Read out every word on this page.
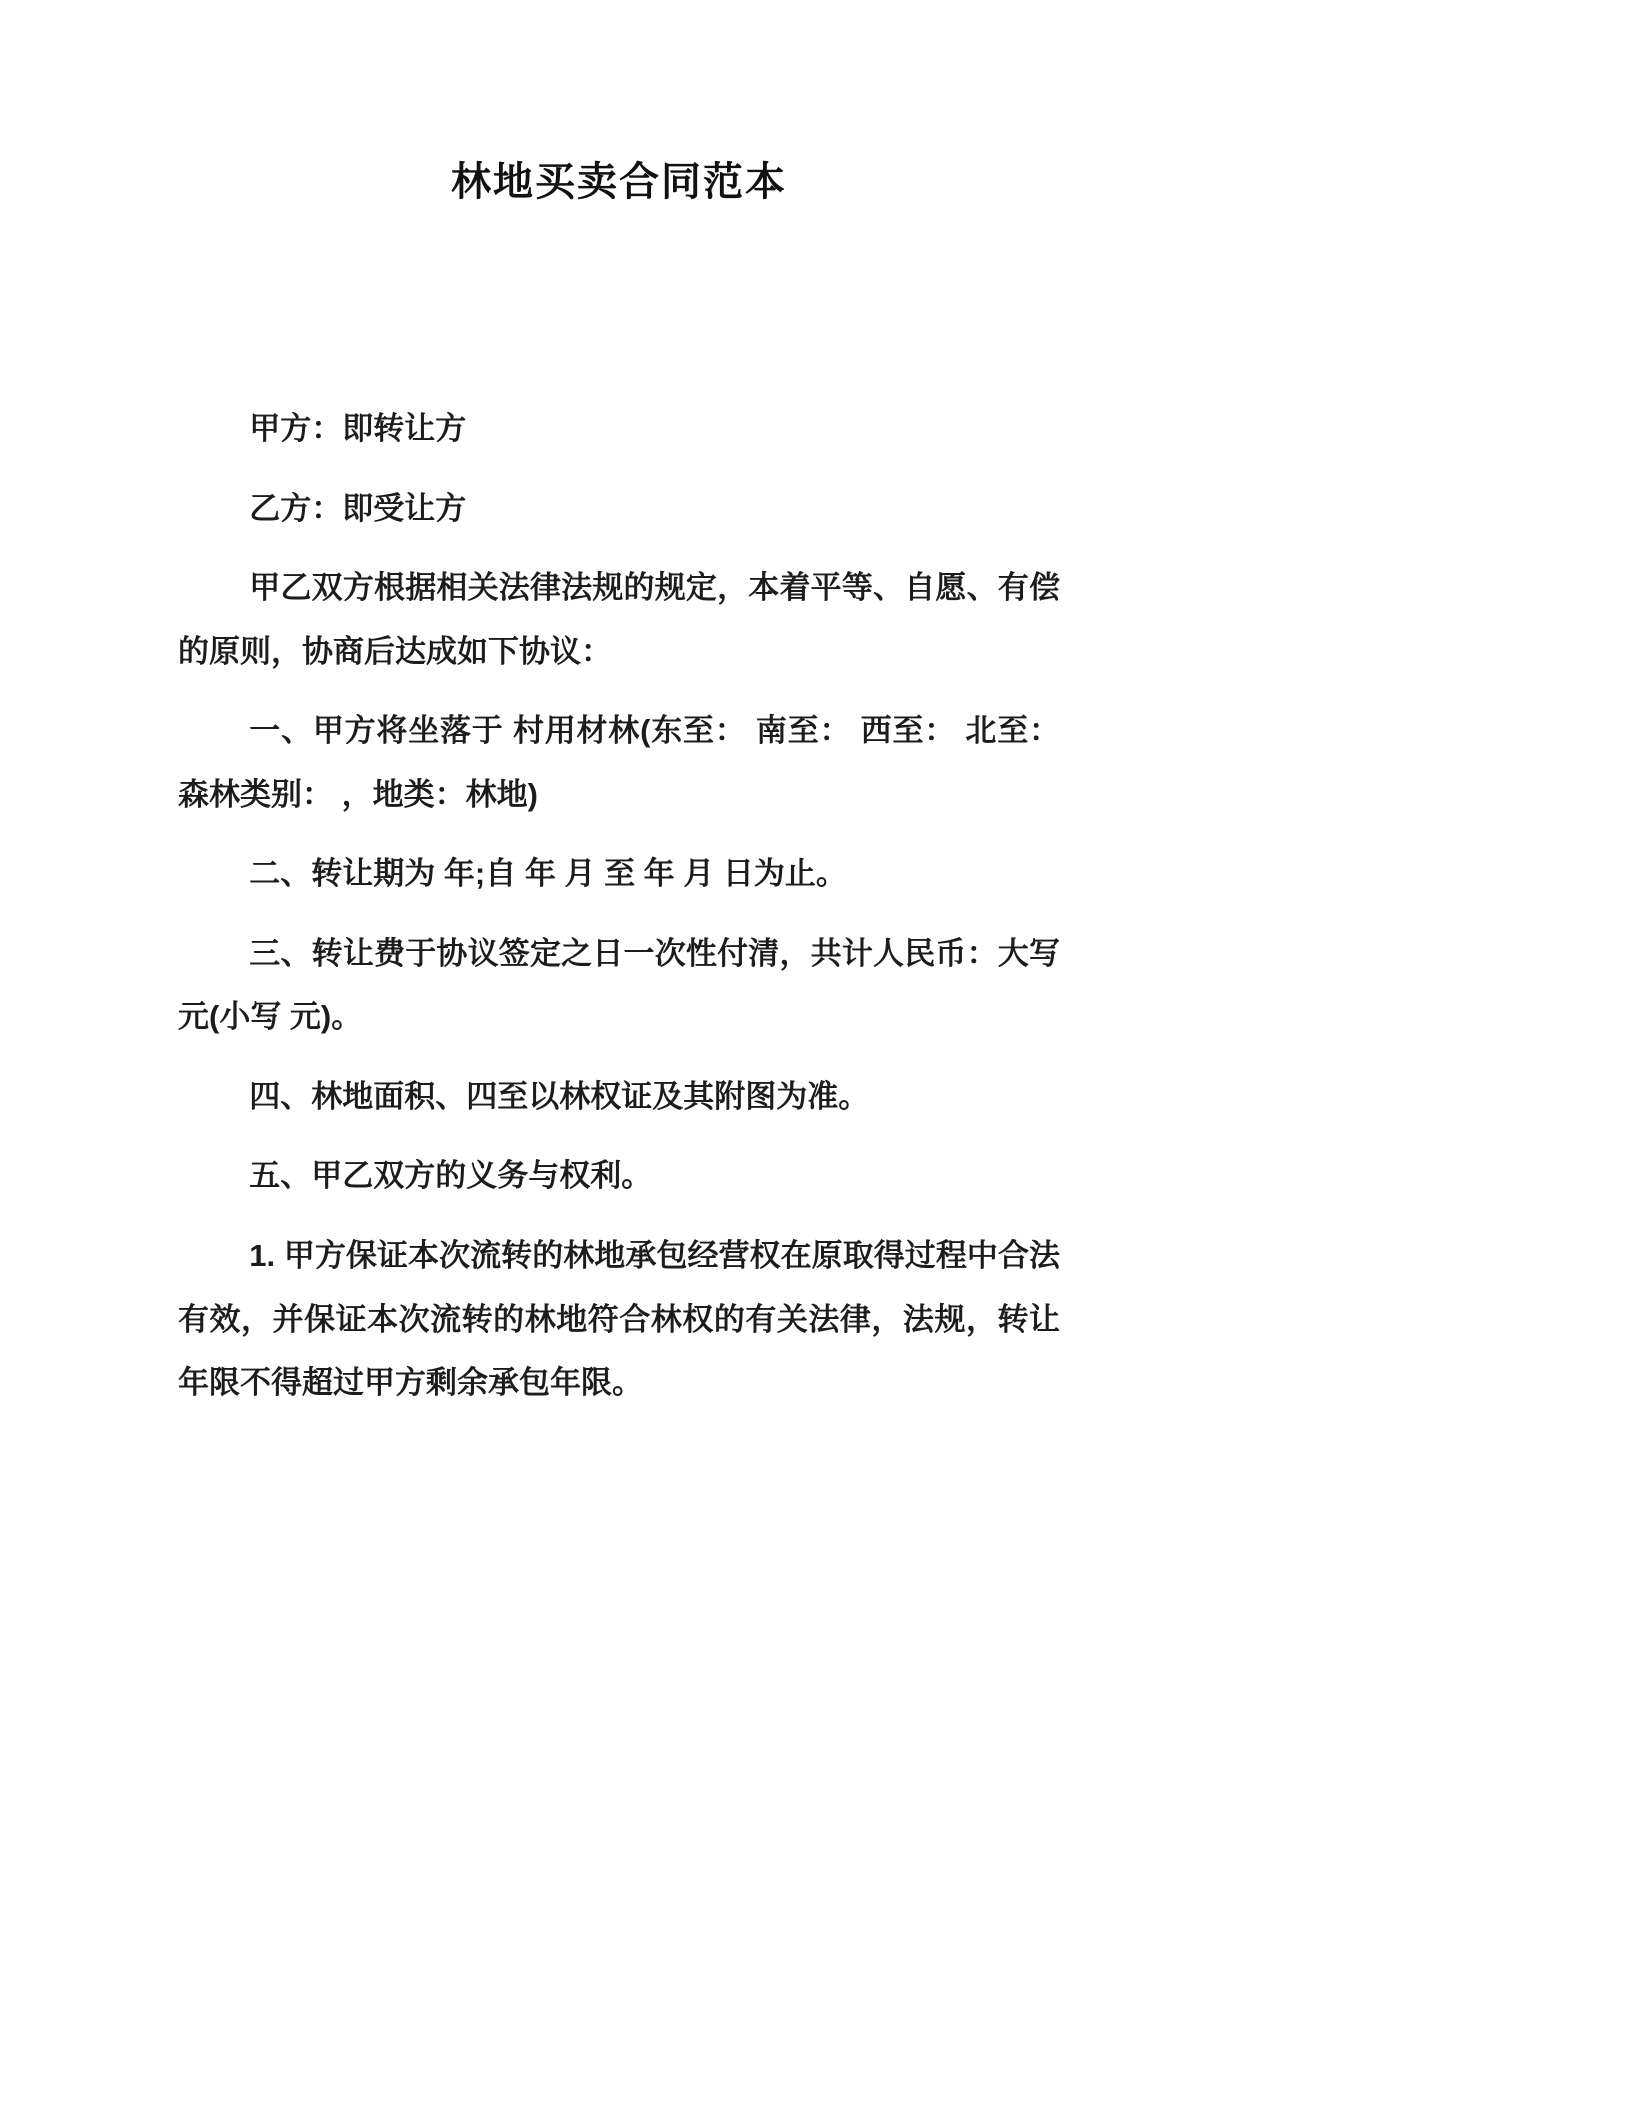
林地买卖合同范本

甲方：即转让方

乙方：即受让方

甲乙双方根据相关法律法规的规定，本着平等、自愿、有偿的原则，协商后达成如下协议：

一、甲方将坐落于 村用材林(东至： 南至： 西至： 北至： 森林类别： ，地类：林地)

二、转让期为 年;自 年 月 至 年 月 日为止。

三、转让费于协议签定之日一次性付清，共计人民币：大写 元(小写 元)。

四、林地面积、四至以林权证及其附图为准。

五、甲乙双方的义务与权利。

1. 甲方保证本次流转的林地承包经营权在原取得过程中合法有效，并保证本次流转的林地符合林权的有关法律，法规，转让年限不得超过甲方剩余承包年限。
